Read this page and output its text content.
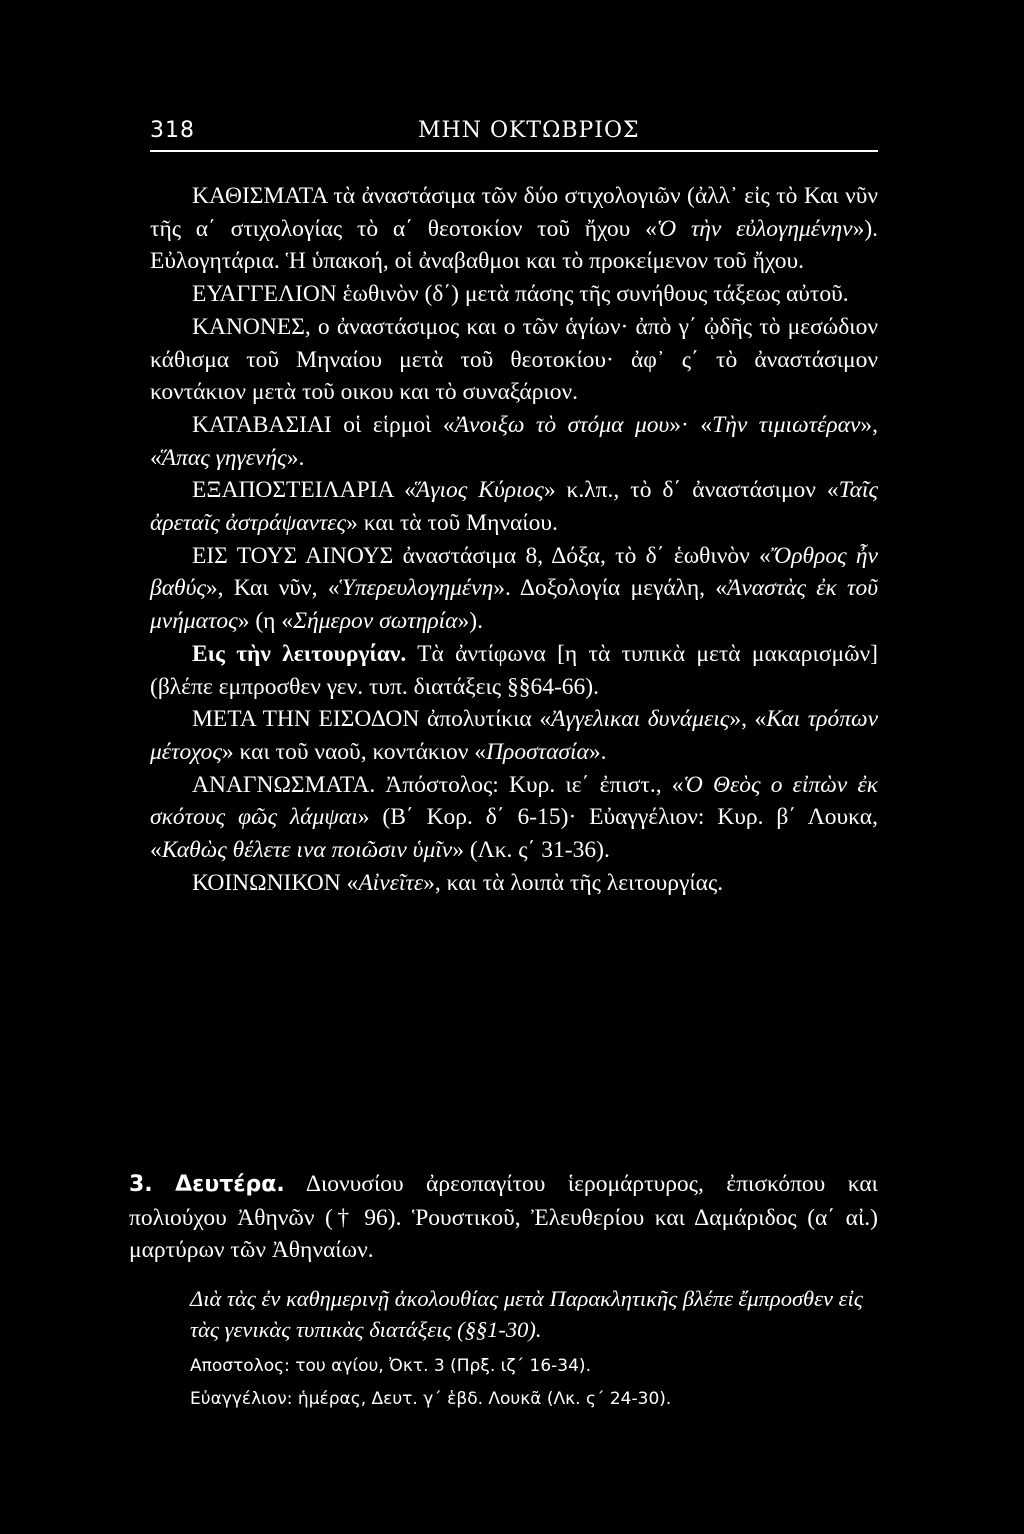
318	ΜΗΝ ΟΚΤΩΒΡΙΟΣ

ΚΑΘΙΣΜΑΤΑ τὰ ἀναστάσιμα τῶν δύο στιχολογιῶν (ἀλλ᾽ εἰς τὸ Και νῦν τῆς α΄ στιχολογίας τὸ α΄ θεοτοκίον τοῦ ἤχου «Ὁ τὴν εὐλογημένην»). Εὐλογητάρια. Ἡ ὑπακοή, οἱ ἀναβαθμοι και τὸ προκείμενον τοῦ ἤχου.

ΕΥΑΓΓΕΛΙΟΝ ἑωθινὸν (δ΄) μετὰ πάσης τῆς συνήθους τάξεως αὐτοῦ.

ΚΑΝΟΝΕΣ, ο ἀναστάσιμος και ο τῶν ἁγίων· ἀπὸ γ΄ ᾠδῆς τὸ μεσώδιον κάθισμα τοῦ Μηναίου μετὰ τοῦ θεοτοκίου· ἀφ᾽ ς΄ τὸ ἀναστάσιμον κοντάκιον μετὰ τοῦ οικου και τὸ συναξάριον.

ΚΑΤΑΒΑΣΙΑΙ οἱ εἱρμοὶ «Ἀνοιξω τὸ στόμα μου»· «Τὴν τιμιωτέραν», «Ἅπας γηγενής».

ΕΞΑΠΟΣΤΕΙΛΑΡΙΑ «Ἅγιος Κύριος» κ.λπ., τὸ δ΄ ἀναστάσιμον «Ταῖς ἀρεταῖς ἀστράψαντες» και τὰ τοῦ Μηναίου.

ΕΙΣ ΤΟΥΣ ΑΙΝΟΥΣ ἀναστάσιμα 8, Δόξα, τὸ δ΄ ἑωθινὸν «Ὄρθρος ἦν βαθύς», Και νῦν, «Ὑπερευλογημένη». Δοξολογία μεγάλη, «Ἀναστὰς ἐκ τοῦ μνήματος» (η «Σήμερον σωτηρία»).

Εις τὴν λειτουργίαν. Τὰ ἀντίφωνα [η τὰ τυπικὰ μετὰ μακαρισμῶν] (βλέπε εμπροσθεν γεν. τυπ. διατάξεις §§64-66).

ΜΕΤΑ ΤΗΝ ΕΙΣΟΔΟΝ ἀπολυτίκια «Ἀγγελικαι δυνάμεις», «Και τρόπων μέτοχος» και τοῦ ναοῦ, κοντάκιον «Προστασία».

ΑΝΑΓΝΩΣΜΑΤΑ. Ἀπόστολος: Κυρ. ιε΄ ἐπιστ., «Ὁ Θεὸς ο εἰπὼν ἐκ σκότους φῶς λάμψαι» (Β΄ Κορ. δ΄ 6-15)· Εὐαγγέλιον: Κυρ. β΄ Λουκα, «Καθὼς θέλετε ινα ποιῶσιν ὑμῖν» (Λκ. ς΄ 31-36).

ΚΟΙΝΩΝΙΚΟΝ «Αἰνεῖτε», και τὰ λοιπὰ τῆς λειτουργίας.

3. Δευτέρα. Διονυσίου ἀρεοπαγίτου ἱερομάρτυρος, ἐπισκόπου και πολιούχου Ἀθηνῶν († 96). Ῥουστικοῦ, Ἐλευθερίου και Δαμάριδος (α΄ αἰ.) μαρτύρων τῶν Ἀθηναίων.
Διὰ τὰς ἐν καθημερινῇ ἀκολουθίας μετὰ Παρακλητικῆς βλέπε ἔμπροσθεν εἰς τὰς γενικὰς τυπικὰς διατάξεις (§§1-30).
Αποστολος: του αγίου, Ὀκτ. 3 (Πρξ. ιζ΄ 16-34).
Εὐαγγέλιον: ἡμέρας, Δευτ. γ΄ ἑβδ. Λουκᾶ (Λκ. ς΄ 24-30).
